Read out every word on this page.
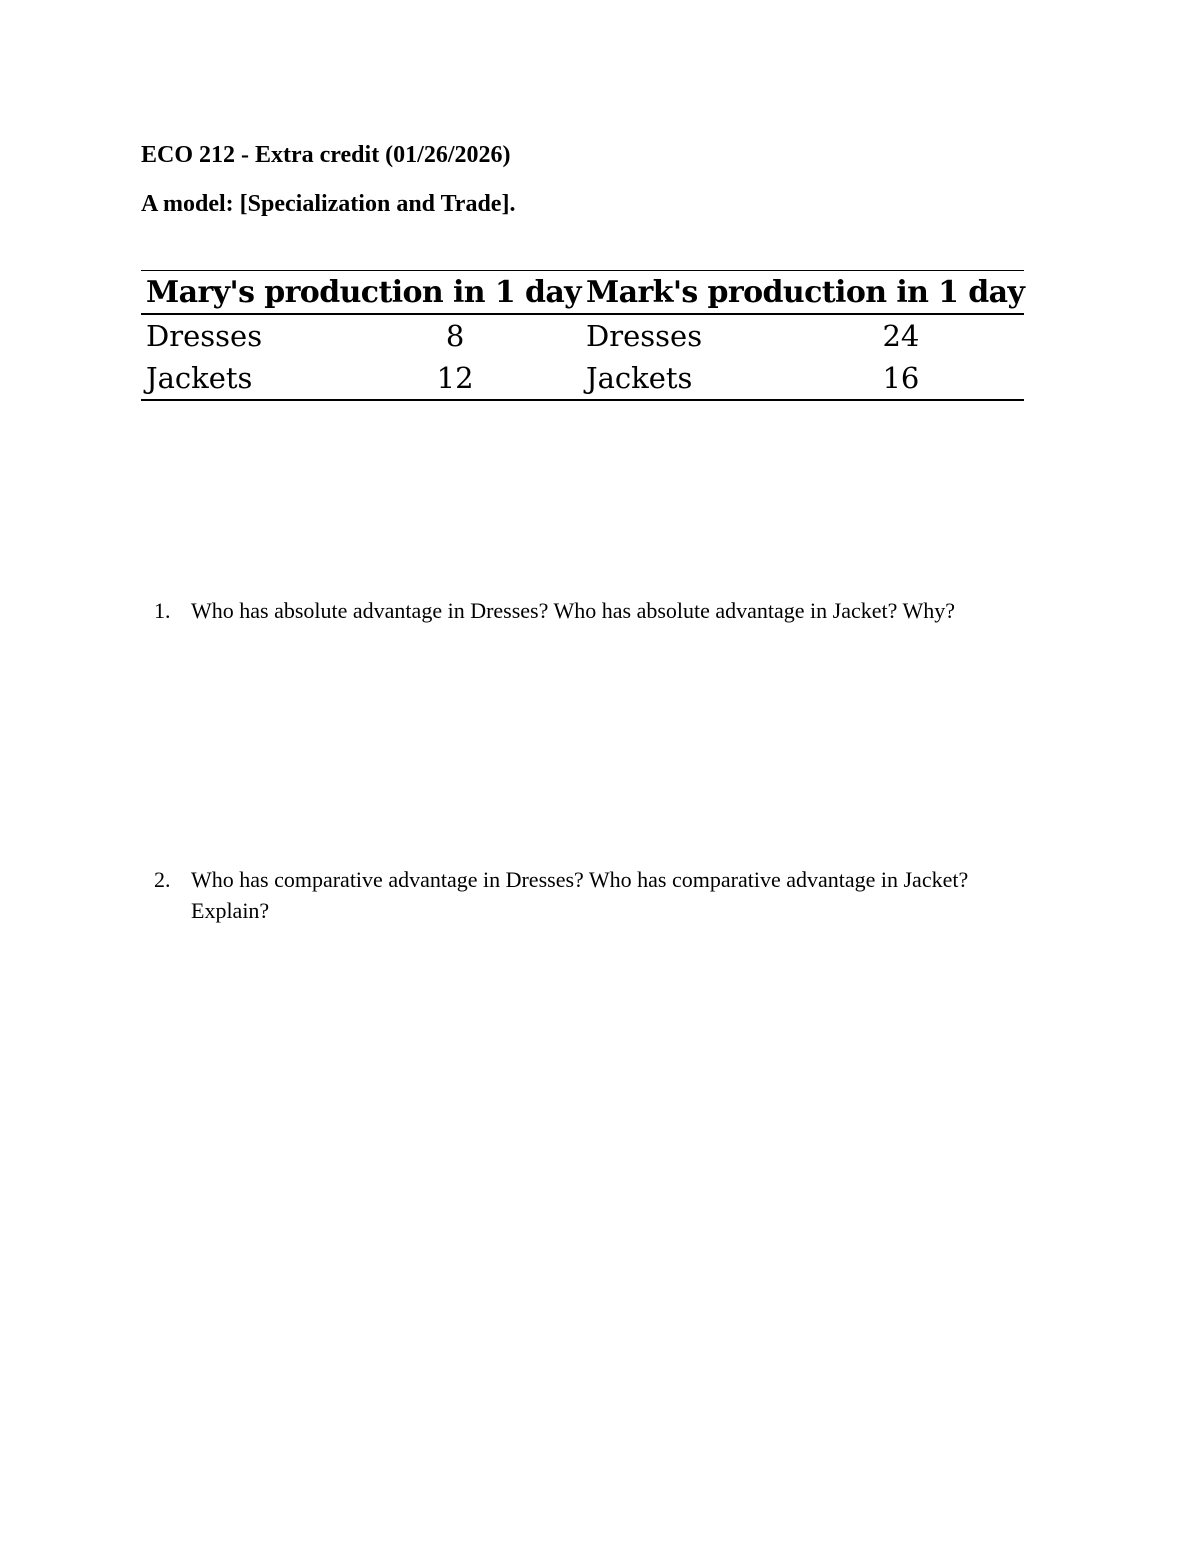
ECO 212 - Extra credit (01/26/2026)
A model: [Specialization and Trade].
Mary's production in 1 day		Mark's production in 1 day	
Dresses	8	Dresses	24
Jackets	12	Jackets	16
1. Who has absolute advantage in Dresses? Who has absolute advantage in Jacket? Why?
2. Who has comparative advantage in Dresses? Who has comparative advantage in Jacket? Explain?
